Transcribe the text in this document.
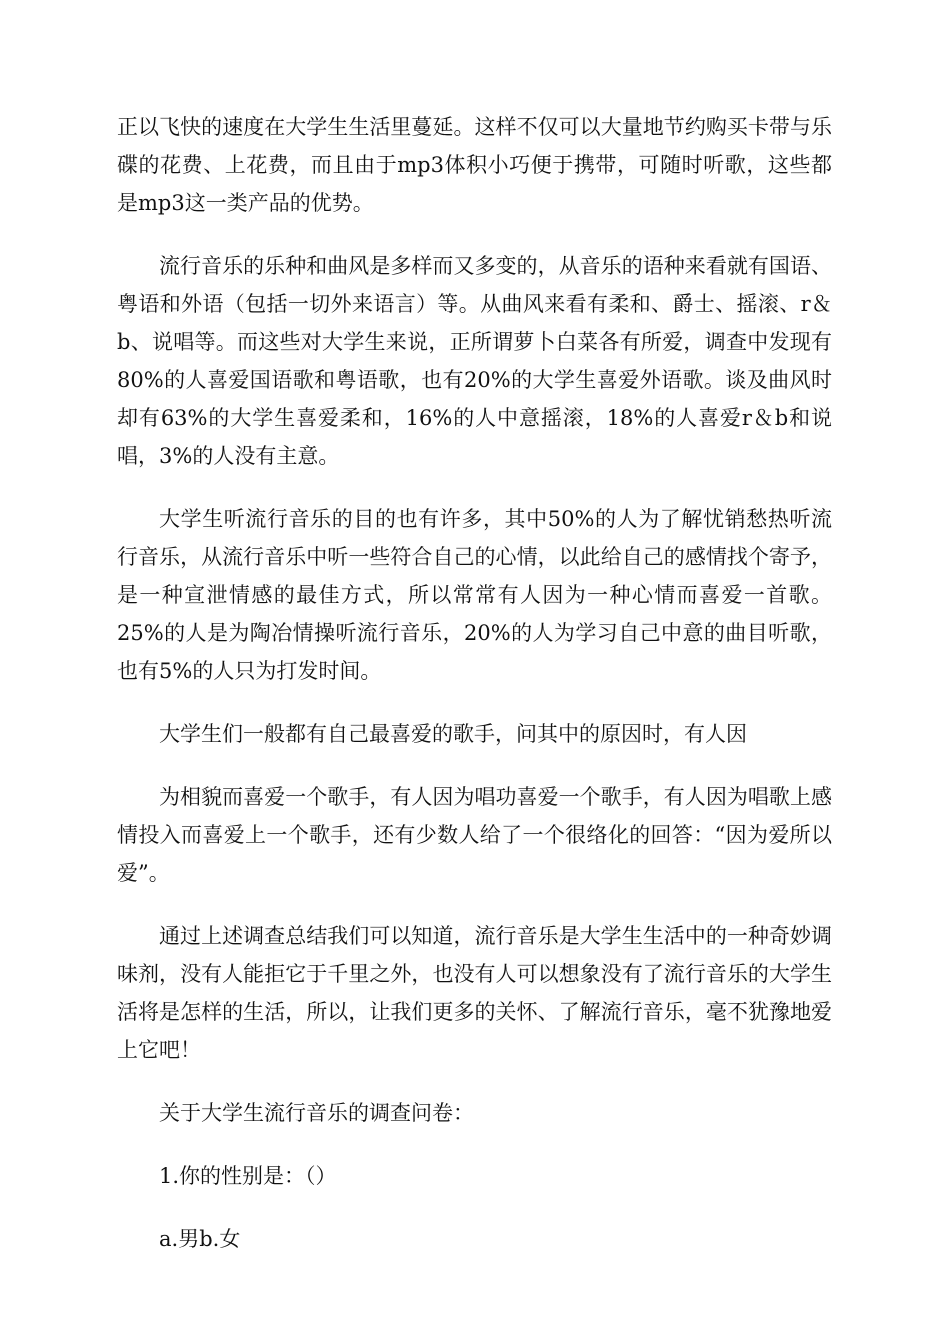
正以飞快的速度在大学生生活里蔓延。这样不仅可以大量地节约购买卡带与乐碟的花费、上花费，而且由于mp3体积小巧便于携带，可随时听歌，这些都是mp3这一类产品的优势。

流行音乐的乐种和曲风是多样而又多变的，从音乐的语种来看就有国语、粤语和外语（包括一切外来语言）等。从曲风来看有柔和、爵士、摇滚、r＆b、说唱等。而这些对大学生来说，正所谓萝卜白菜各有所爱，调查中发现有80%的人喜爱国语歌和粤语歌，也有20%的大学生喜爱外语歌。谈及曲风时却有63%的大学生喜爱柔和，16%的人中意摇滚，18%的人喜爱r＆b和说唱，3%的人没有主意。

大学生听流行音乐的目的也有许多，其中50%的人为了解忧销愁热听流行音乐，从流行音乐中听一些符合自己的心情，以此给自己的感情找个寄予，是一种宣泄情感的最佳方式，所以常常有人因为一种心情而喜爱一首歌。25%的人是为陶冶情操听流行音乐，20%的人为学习自己中意的曲目听歌，也有5%的人只为打发时间。

大学生们一般都有自己最喜爱的歌手，问其中的原因时，有人因

为相貌而喜爱一个歌手，有人因为唱功喜爱一个歌手，有人因为唱歌上感情投入而喜爱上一个歌手，还有少数人给了一个很络化的回答：“因为爱所以爱”。

通过上述调查总结我们可以知道，流行音乐是大学生生活中的一种奇妙调味剂，没有人能拒它于千里之外，也没有人可以想象没有了流行音乐的大学生活将是怎样的生活，所以，让我们更多的关怀、了解流行音乐，毫不犹豫地爱上它吧！

关于大学生流行音乐的调查问卷：

1.你的性别是：（）

a.男b.女
